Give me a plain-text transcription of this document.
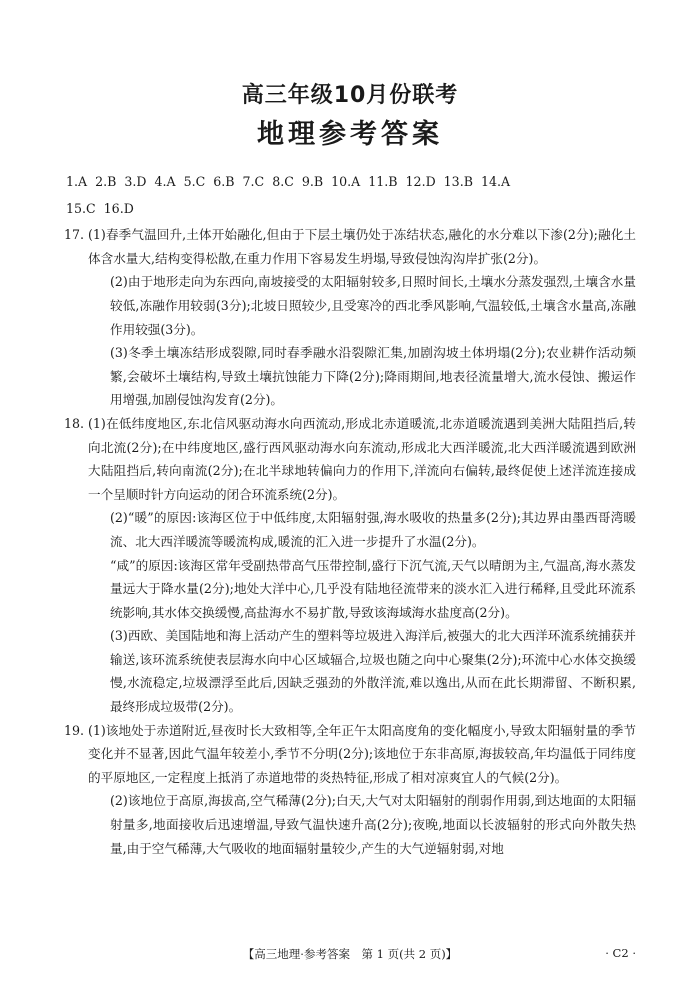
高三年级10月份联考
地理参考答案

1.A 2.B 3.D 4.A 5.C 6.B 7.C 8.C 9.B 10.A 11.B 12.D 13.B 14.A

15.C 16.D

17. (1)春季气温回升,土体开始融化,但由于下层土壤仍处于冻结状态,融化的水分难以下渗(2分);融化土体含水量大,结构变得松散,在重力作用下容易发生坍塌,导致侵蚀沟沟岸扩张(2分)。

(2)由于地形走向为东西向,南坡接受的太阳辐射较多,日照时间长,土壤水分蒸发强烈,土壤含水量较低,冻融作用较弱(3分);北坡日照较少,且受寒冷的西北季风影响,气温较低,土壤含水量高,冻融作用较强(3分)。

(3)冬季土壤冻结形成裂隙,同时春季融水沿裂隙汇集,加剧沟坡土体坍塌(2分);农业耕作活动频繁,会破坏土壤结构,导致土壤抗蚀能力下降(2分);降雨期间,地表径流量增大,流水侵蚀、搬运作用增强,加剧侵蚀沟发育(2分)。

18. (1)在低纬度地区,东北信风驱动海水向西流动,形成北赤道暖流,北赤道暖流遇到美洲大陆阻挡后,转向北流(2分);在中纬度地区,盛行西风驱动海水向东流动,形成北大西洋暖流,北大西洋暖流遇到欧洲大陆阻挡后,转向南流(2分);在北半球地转偏向力的作用下,洋流向右偏转,最终促使上述洋流连接成一个呈顺时针方向运动的闭合环流系统(2分)。

(2)“暖”的原因:该海区位于中低纬度,太阳辐射强,海水吸收的热量多(2分);其边界由墨西哥湾暖流、北大西洋暖流等暖流构成,暖流的汇入进一步提升了水温(2分)。

“咸”的原因:该海区常年受副热带高气压带控制,盛行下沉气流,天气以晴朗为主,气温高,海水蒸发量远大于降水量(2分);地处大洋中心,几乎没有陆地径流带来的淡水汇入进行稀释,且受此环流系统影响,其水体交换缓慢,高盐海水不易扩散,导致该海域海水盐度高(2分)。

(3)西欧、美国陆地和海上活动产生的塑料等垃圾进入海洋后,被强大的北大西洋环流系统捕获并输送,该环流系统使表层海水向中心区域辐合,垃圾也随之向中心聚集(2分);环流中心水体交换缓慢,水流稳定,垃圾漂浮至此后,因缺乏强劲的外散洋流,难以逸出,从而在此长期滞留、不断积累,最终形成垃圾带(2分)。

19. (1)该地处于赤道附近,昼夜时长大致相等,全年正午太阳高度角的变化幅度小,导致太阳辐射量的季节变化并不显著,因此气温年较差小,季节不分明(2分);该地位于东非高原,海拔较高,年均温低于同纬度的平原地区,一定程度上抵消了赤道地带的炎热特征,形成了相对凉爽宜人的气候(2分)。

(2)该地位于高原,海拔高,空气稀薄(2分);白天,大气对太阳辐射的削弱作用弱,到达地面的太阳辐射量多,地面接收后迅速增温,导致气温快速升高(2分);夜晚,地面以长波辐射的形式向外散失热量,由于空气稀薄,大气吸收的地面辐射量较少,产生的大气逆辐射弱,对地

【高三地理·参考答案　第 1 页(共 2 页)】	· C2 ·
